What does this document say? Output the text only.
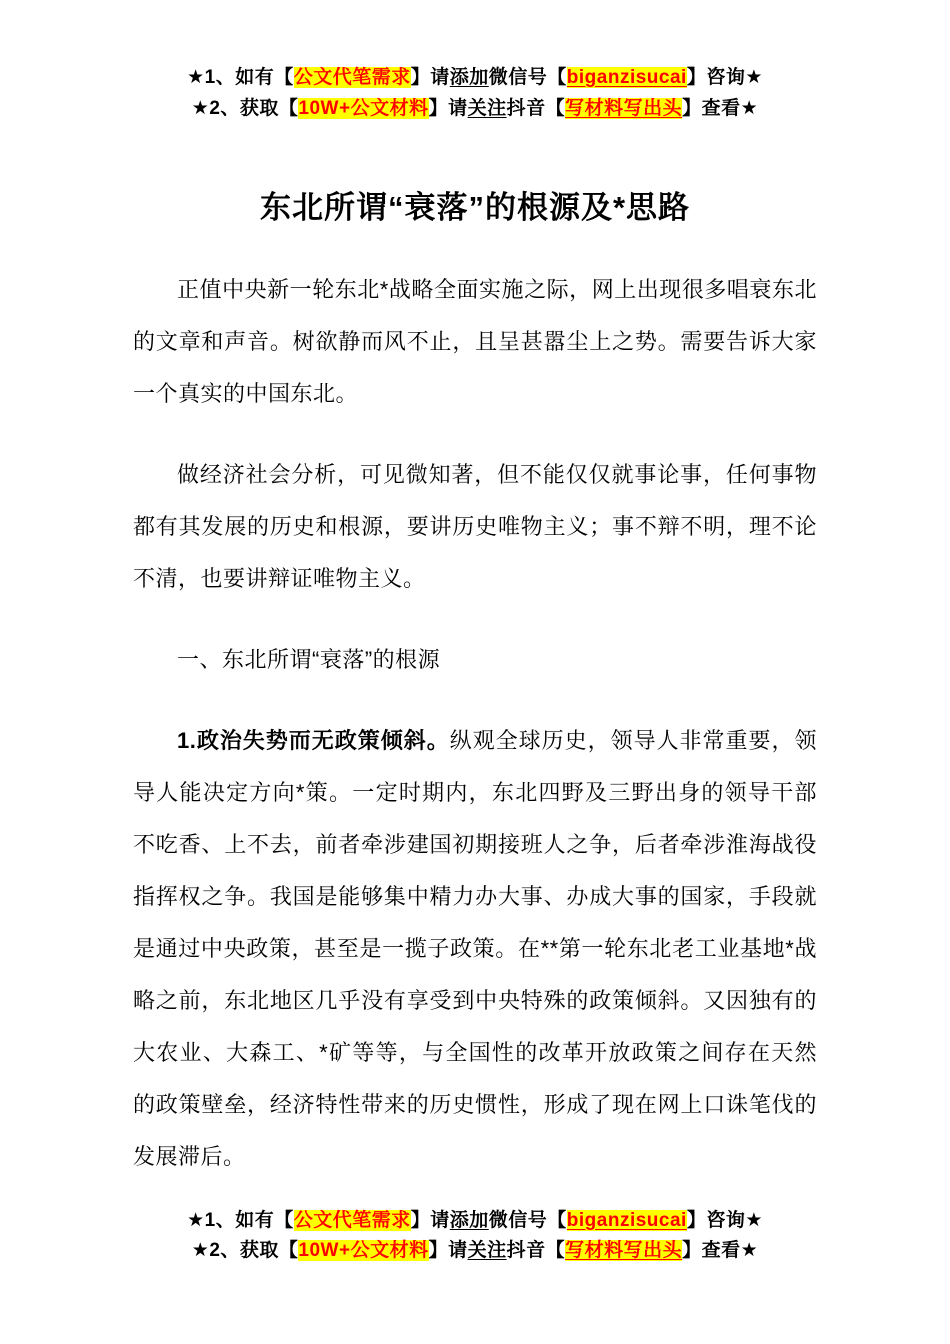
★1、如有【公文代笔需求】请添加微信号【biganzisucai】咨询★
★2、获取【10W+公文材料】请关注抖音【写材料写出头】查看★
东北所谓“衰落”的根源及*思路

正值中央新一轮东北*战略全面实施之际，网上出现很多唱衰东北的文章和声音。树欲静而风不止，且呈甚嚣尘上之势。需要告诉大家一个真实的中国东北。

做经济社会分析，可见微知著，但不能仅仅就事论事，任何事物都有其发展的历史和根源，要讲历史唯物主义；事不辩不明，理不论不清，也要讲辩证唯物主义。

一、东北所谓“衰落”的根源

1.政治失势而无政策倾斜。纵观全球历史，领导人非常重要，领导人能决定方向*策。一定时期内，东北四野及三野出身的领导干部不吃香、上不去，前者牵涉建国初期接班人之争，后者牵涉淮海战役指挥权之争。我国是能够集中精力办大事、办成大事的国家，手段就是通过中央政策，甚至是一揽子政策。在**第一轮东北老工业基地*战略之前，东北地区几乎没有享受到中央特殊的政策倾斜。又因独有的大农业、大森工、*矿等等，与全国性的改革开放政策之间存在天然的政策壁垒，经济特性带来的历史惯性，形成了现在网上口诛笔伐的发展滞后。

★1、如有【公文代笔需求】请添加微信号【biganzisucai】咨询★
★2、获取【10W+公文材料】请关注抖音【写材料写出头】查看★
